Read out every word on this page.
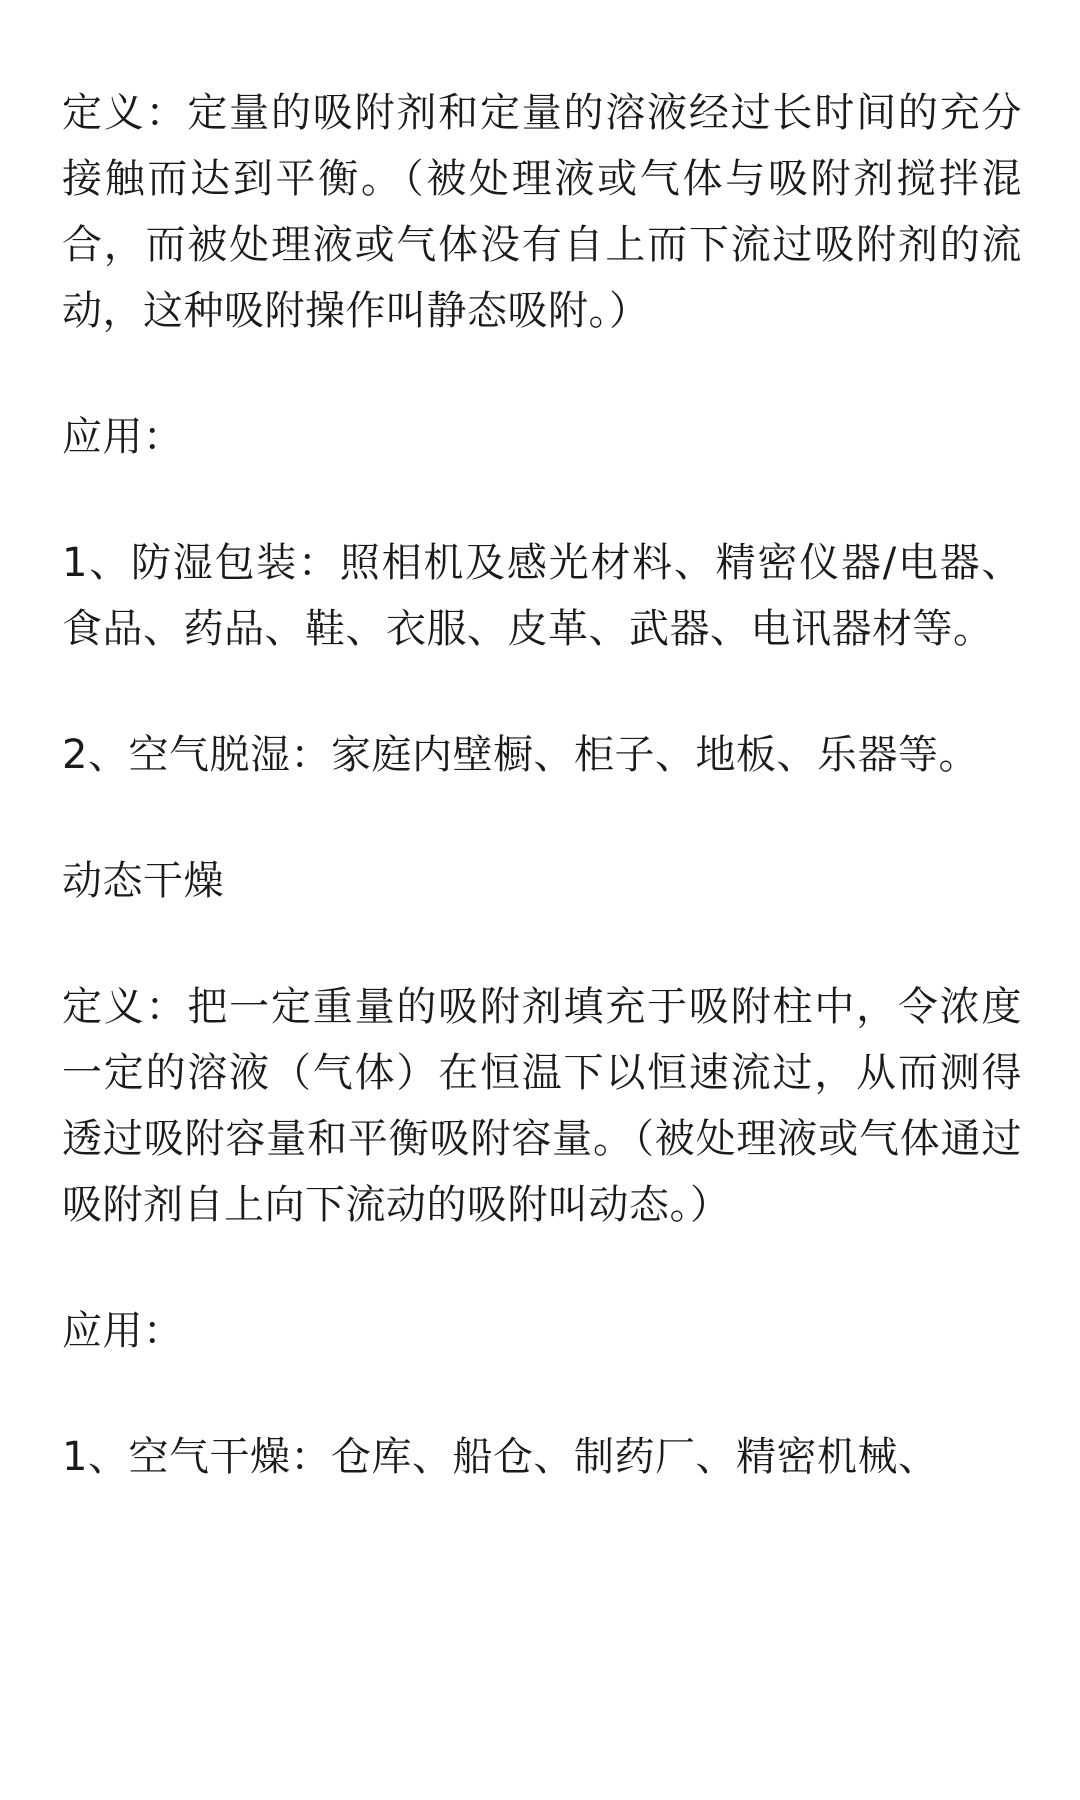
定义：定量的吸附剂和定量的溶液经过长时间的充分接触而达到平衡。（被处理液或气体与吸附剂搅拌混合，而被处理液或气体没有自上而下流过吸附剂的流动，这种吸附操作叫静态吸附。）

应用：

1、防湿包装：照相机及感光材料、精密仪器/电器、食品、药品、鞋、衣服、皮革、武器、电讯器材等。

2、空气脱湿：家庭内壁橱、柜子、地板、乐器等。

动态干燥

定义：把一定重量的吸附剂填充于吸附柱中，令浓度一定的溶液（气体）在恒温下以恒速流过，从而测得透过吸附容量和平衡吸附容量。（被处理液或气体通过吸附剂自上向下流动的吸附叫动态。）

应用：

1、空气干燥：仓库、船仓、制药厂、精密机械、
